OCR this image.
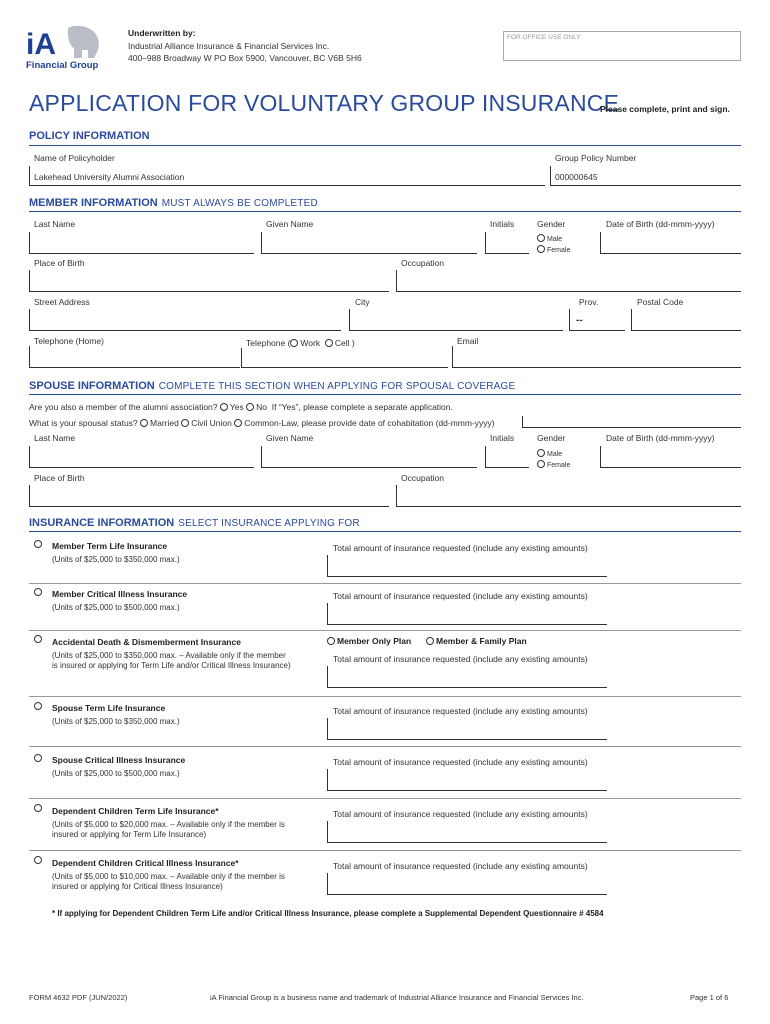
iA
Financial Group
Underwritten by:
Industrial Alliance Insurance & Financial Services Inc.
400–988 Broadway W PO Box 5900, Vancouver, BC V6B 5H6
FOR OFFICE USE ONLY
APPLICATION FOR VOLUNTARY GROUP INSURANCE
Please complete, print and sign.
POLICY INFORMATION
Name of Policyholder	Group Policy Number
Lakehead University Alumni Association	000000645
MEMBER INFORMATION MUST ALWAYS BE COMPLETED
Last Name	Given Name	Initials	Gender	Date of Birth (dd-mmm-yyyy)
Male
Female
Place of Birth	Occupation
Street Address	City	Prov.	Postal Code
--
Telephone (Home)	Telephone ( Work Cell )	Email
SPOUSE INFORMATION COMPLETE THIS SECTION WHEN APPLYING FOR SPOUSAL COVERAGE
Are you also a member of the alumni association? Yes No If “Yes”, please complete a separate application.
What is your spousal status? Married Civil Union Common-Law, please provide date of cohabitation (dd-mmm-yyyy)
Last Name	Given Name	Initials	Gender	Date of Birth (dd-mmm-yyyy)
Male
Female
Place of Birth	Occupation
INSURANCE INFORMATION SELECT INSURANCE APPLYING FOR
Member Term Life Insurance
(Units of $25,000 to $350,000 max.)
Total amount of insurance requested (include any existing amounts)
Member Critical Illness Insurance
(Units of $25,000 to $500,000 max.)
Total amount of insurance requested (include any existing amounts)
Accidental Death & Dismemberment Insurance
(Units of $25,000 to $350,000 max. – Available only if the member
is insured or applying for Term Life and/or Critical Illness Insurance)
Member Only Plan	Member & Family Plan
Total amount of insurance requested (include any existing amounts)
Spouse Term Life Insurance
(Units of $25,000 to $350,000 max.)
Total amount of insurance requested (include any existing amounts)
Spouse Critical Illness Insurance
(Units of $25,000 to $500,000 max.)
Total amount of insurance requested (include any existing amounts)
Dependent Children Term Life Insurance*
(Units of $5,000 to $20,000 max. – Available only if the member is
insured or applying for Term Life Insurance)
Total amount of insurance requested (include any existing amounts)
Dependent Children Critical Illness Insurance*
(Units of $5,000 to $10,000 max. – Available only if the member is
insured or applying for Critical Illness Insurance)
Total amount of insurance requested (include any existing amounts)
* If applying for Dependent Children Term Life and/or Critical Illness Insurance, please complete a Supplemental Dependent Questionnaire # 4584
FORM 4632 PDF (JUN/2022)	iA Financial Group is a business name and trademark of Industrial Alliance Insurance and Financial Services Inc.	Page 1 of 6
